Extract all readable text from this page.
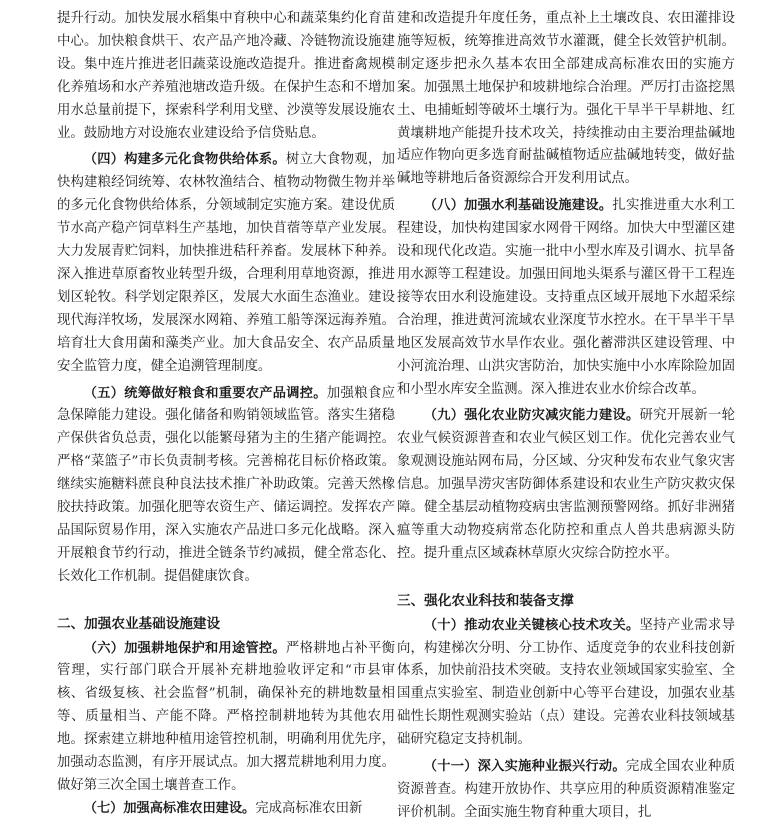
提升行动。加快发展水稻集中育秧中心和蔬菜集约化育苗中心。加快粮食烘干、农产品产地冷藏、冷链物流设施建设。集中连片推进老旧蔬菜设施改造提升。推进畜禽规模化养殖场和水产养殖池塘改造升级。在保护生态和不增加用水总量前提下，探索科学利用戈壁、沙漠等发展设施农业。鼓励地方对设施农业建设给予信贷贴息。

（四）构建多元化食物供给体系。树立大食物观，加快构建粮经饲统筹、农林牧渔结合、植物动物微生物并举的多元化食物供给体系，分领域制定实施方案。建设优质节水高产稳产饲草料生产基地，加快苜蓿等草产业发展。大力发展青贮饲料，加快推进秸秆养畜。发展林下种养。深入推进草原畜牧业转型升级，合理利用草地资源，推进划区轮牧。科学划定限养区，发展大水面生态渔业。建设现代海洋牧场，发展深水网箱、养殖工船等深远海养殖。培育壮大食用菌和藻类产业。加大食品安全、农产品质量安全监管力度，健全追溯管理制度。

（五）统筹做好粮食和重要农产品调控。加强粮食应急保障能力建设。强化储备和购销领域监管。落实生猪稳产保供省负总责，强化以能繁母猪为主的生猪产能调控。严格“菜篮子”市长负责制考核。完善棉花目标价格政策。继续实施糖料蔗良种良法技术推广补助政策。完善天然橡胶扶持政策。加强化肥等农资生产、储运调控。发挥农产品国际贸易作用，深入实施农产品进口多元化战略。深入开展粮食节约行动，推进全链条节约减损，健全常态化、长效化工作机制。提倡健康饮食。

二、加强农业基础设施建设

（六）加强耕地保护和用途管控。严格耕地占补平衡管理，实行部门联合开展补充耕地验收评定和“市县审核、省级复核、社会监督”机制，确保补充的耕地数量相等、质量相当、产能不降。严格控制耕地转为其他农用地。探索建立耕地种植用途管控机制，明确利用优先序，加强动态监测，有序开展试点。加大撂荒耕地利用力度。做好第三次全国土壤普查工作。

（七）加强高标准农田建设。完成高标准农田新

建和改造提升年度任务，重点补上土壤改良、农田灌排设施等短板，统筹推进高效节水灌溉，健全长效管护机制。制定逐步把永久基本农田全部建成高标准农田的实施方案。加强黑土地保护和坡耕地综合治理。严厉打击盗挖黑土、电捕蚯蚓等破坏土壤行为。强化干旱半干旱耕地、红黄壤耕地产能提升技术攻关，持续推动由主要治理盐碱地适应作物向更多选育耐盐碱植物适应盐碱地转变，做好盐碱地等耕地后备资源综合开发利用试点。

（八）加强水利基础设施建设。扎实推进重大水利工程建设，加快构建国家水网骨干网络。加快大中型灌区建设和现代化改造。实施一批中小型水库及引调水、抗旱备用水源等工程建设。加强田间地头渠系与灌区骨干工程连接等农田水利设施建设。支持重点区域开展地下水超采综合治理，推进黄河流域农业深度节水控水。在干旱半干旱地区发展高效节水旱作农业。强化蓄滞洪区建设管理、中小河流治理、山洪灾害防治，加快实施中小水库除险加固和小型水库安全监测。深入推进农业水价综合改革。

（九）强化农业防灾减灾能力建设。研究开展新一轮农业气候资源普查和农业气候区划工作。优化完善农业气象观测设施站网布局，分区域、分灾种发布农业气象灾害信息。加强旱涝灾害防御体系建设和农业生产防灾救灾保障。健全基层动植物疫病虫害监测预警网络。抓好非洲猪瘟等重大动物疫病常态化防控和重点人兽共患病源头防控。提升重点区域森林草原火灾综合防控水平。

三、强化农业科技和装备支撑

（十）推动农业关键核心技术攻关。坚持产业需求导向，构建梯次分明、分工协作、适度竞争的农业科技创新体系，加快前沿技术突破。支持农业领域国家实验室、全国重点实验室、制造业创新中心等平台建设，加强农业基础性长期性观测实验站（点）建设。完善农业科技领域基础研究稳定支持机制。

（十一）深入实施种业振兴行动。完成全国农业种质资源普查。构建开放协作、共享应用的种质资源精准鉴定评价机制。全面实施生物育种重大项目，扎
